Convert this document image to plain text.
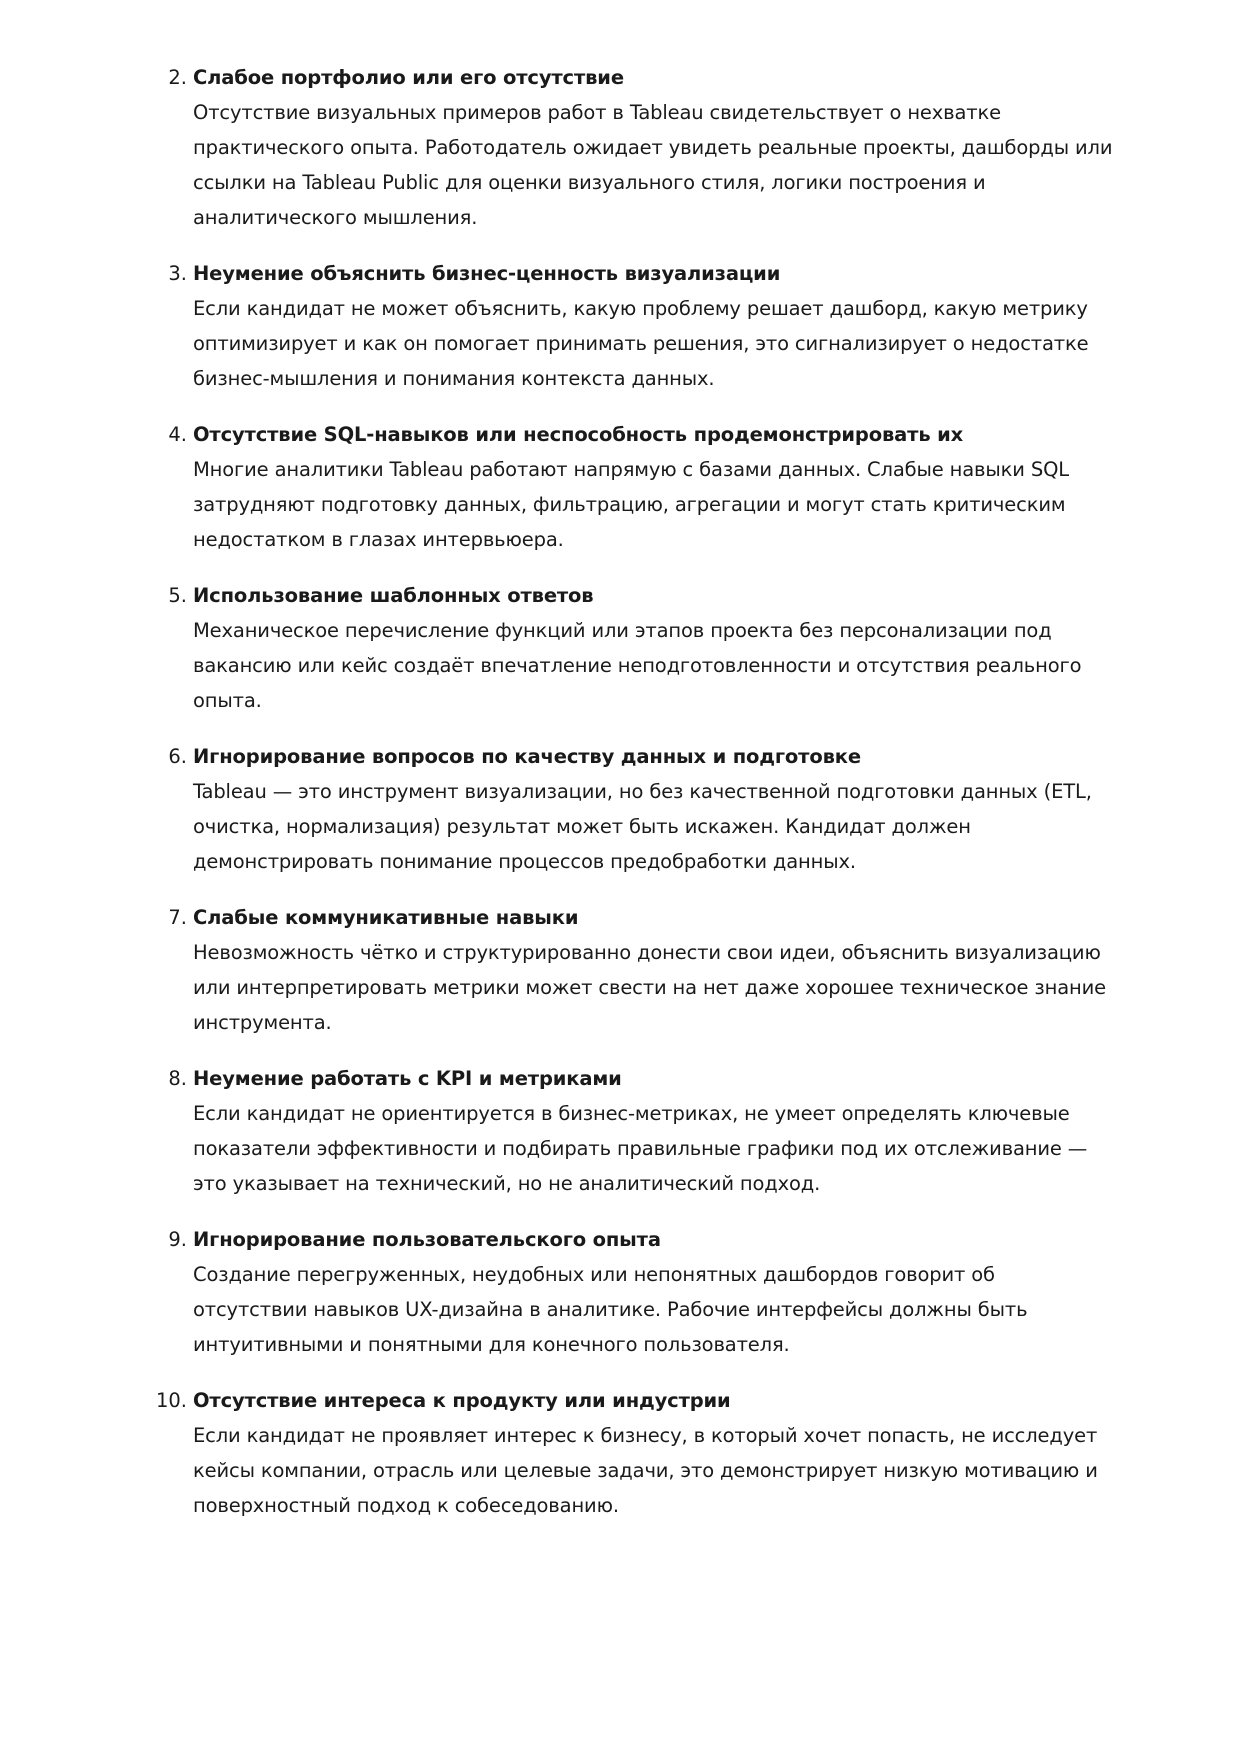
2. Слабое портфолио или его отсутствие
Отсутствие визуальных примеров работ в Tableau свидетельствует о нехватке
практического опыта. Работодатель ожидает увидеть реальные проекты, дашборды или
ссылки на Tableau Public для оценки визуального стиля, логики построения и
аналитического мышления.
3. Неумение объяснить бизнес-ценность визуализации
Если кандидат не может объяснить, какую проблему решает дашборд, какую метрику
оптимизирует и как он помогает принимать решения, это сигнализирует о недостатке
бизнес-мышления и понимания контекста данных.
4. Отсутствие SQL-навыков или неспособность продемонстрировать их
Многие аналитики Tableau работают напрямую с базами данных. Слабые навыки SQL
затрудняют подготовку данных, фильтрацию, агрегации и могут стать критическим
недостатком в глазах интервьюера.
5. Использование шаблонных ответов
Механическое перечисление функций или этапов проекта без персонализации под
вакансию или кейс создаёт впечатление неподготовленности и отсутствия реального
опыта.
6. Игнорирование вопросов по качеству данных и подготовке
Tableau — это инструмент визуализации, но без качественной подготовки данных (ETL,
очистка, нормализация) результат может быть искажен. Кандидат должен
демонстрировать понимание процессов предобработки данных.
7. Слабые коммуникативные навыки
Невозможность чётко и структурированно донести свои идеи, объяснить визуализацию
или интерпретировать метрики может свести на нет даже хорошее техническое знание
инструмента.
8. Неумение работать с KPI и метриками
Если кандидат не ориентируется в бизнес-метриках, не умеет определять ключевые
показатели эффективности и подбирать правильные графики под их отслеживание —
это указывает на технический, но не аналитический подход.
9. Игнорирование пользовательского опыта
Создание перегруженных, неудобных или непонятных дашбордов говорит об
отсутствии навыков UX-дизайна в аналитике. Рабочие интерфейсы должны быть
интуитивными и понятными для конечного пользователя.
10. Отсутствие интереса к продукту или индустрии
Если кандидат не проявляет интерес к бизнесу, в который хочет попасть, не исследует
кейсы компании, отрасль или целевые задачи, это демонстрирует низкую мотивацию и
поверхностный подход к собеседованию.
